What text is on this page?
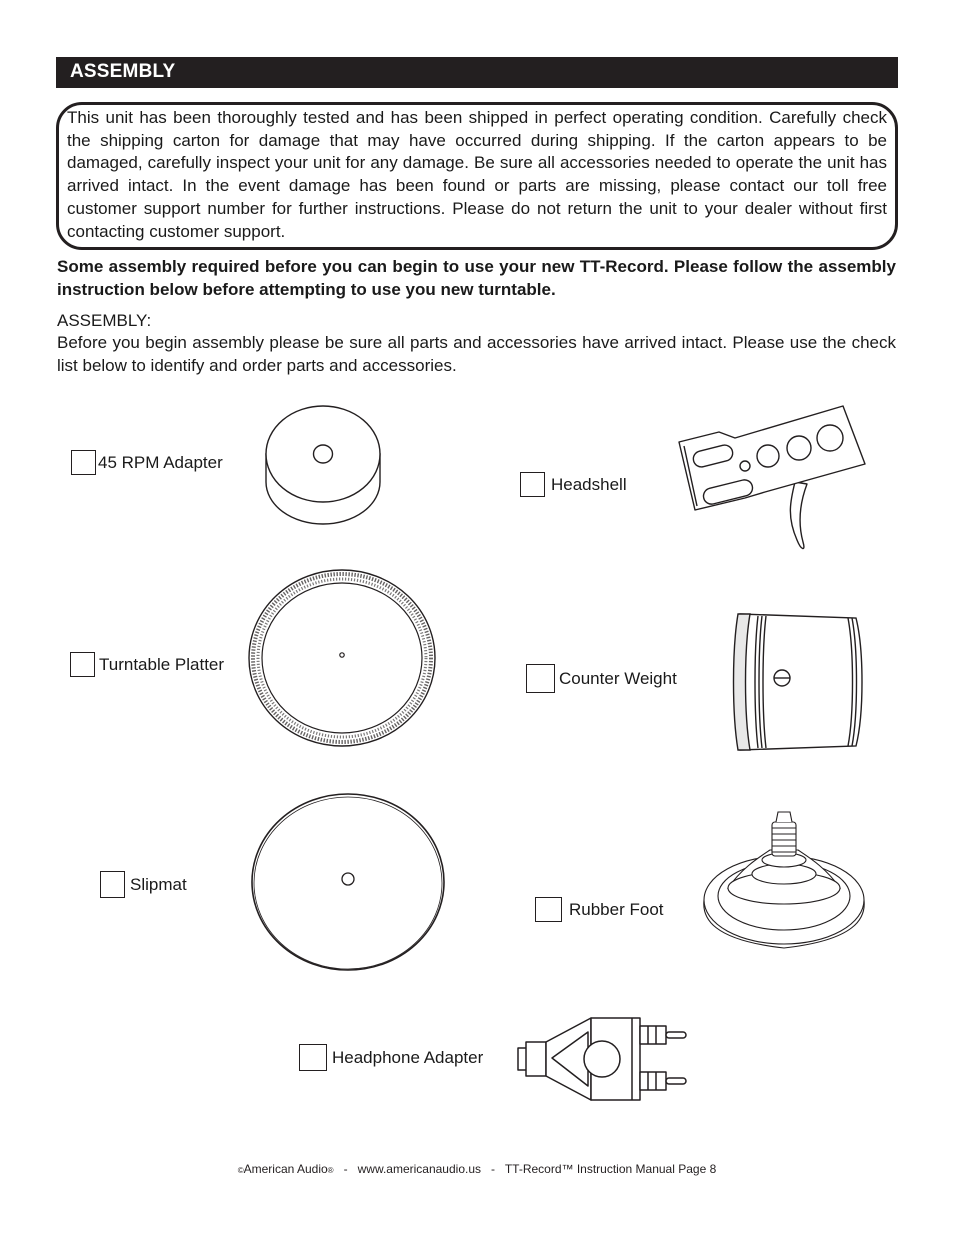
ASSEMBLY

This unit has been thoroughly tested and has been shipped in perfect operating condition. Carefully check the shipping carton for damage that may have occurred during shipping. If the carton appears to be damaged, carefully inspect your unit for any damage. Be sure all accessories needed to operate the unit has arrived intact. In the event damage has been found or parts are missing, please contact our toll free customer support number for further instructions. Please do not return the unit to your dealer without first contacting customer support.

Some assembly required before you can begin to use your new TT-Record. Please follow the assembly instruction below before attempting to use you new turntable.

ASSEMBLY:

Before you begin assembly please be sure all parts and accessories have arrived intact. Please use the check list below to identify and order parts and accessories.

45 RPM Adapter
Headshell
Turntable Platter
Counter Weight
Slipmat
Rubber Foot
Headphone Adapter
©American Audio® - www.americanaudio.us - TT-Record™ Instruction Manual Page 8
